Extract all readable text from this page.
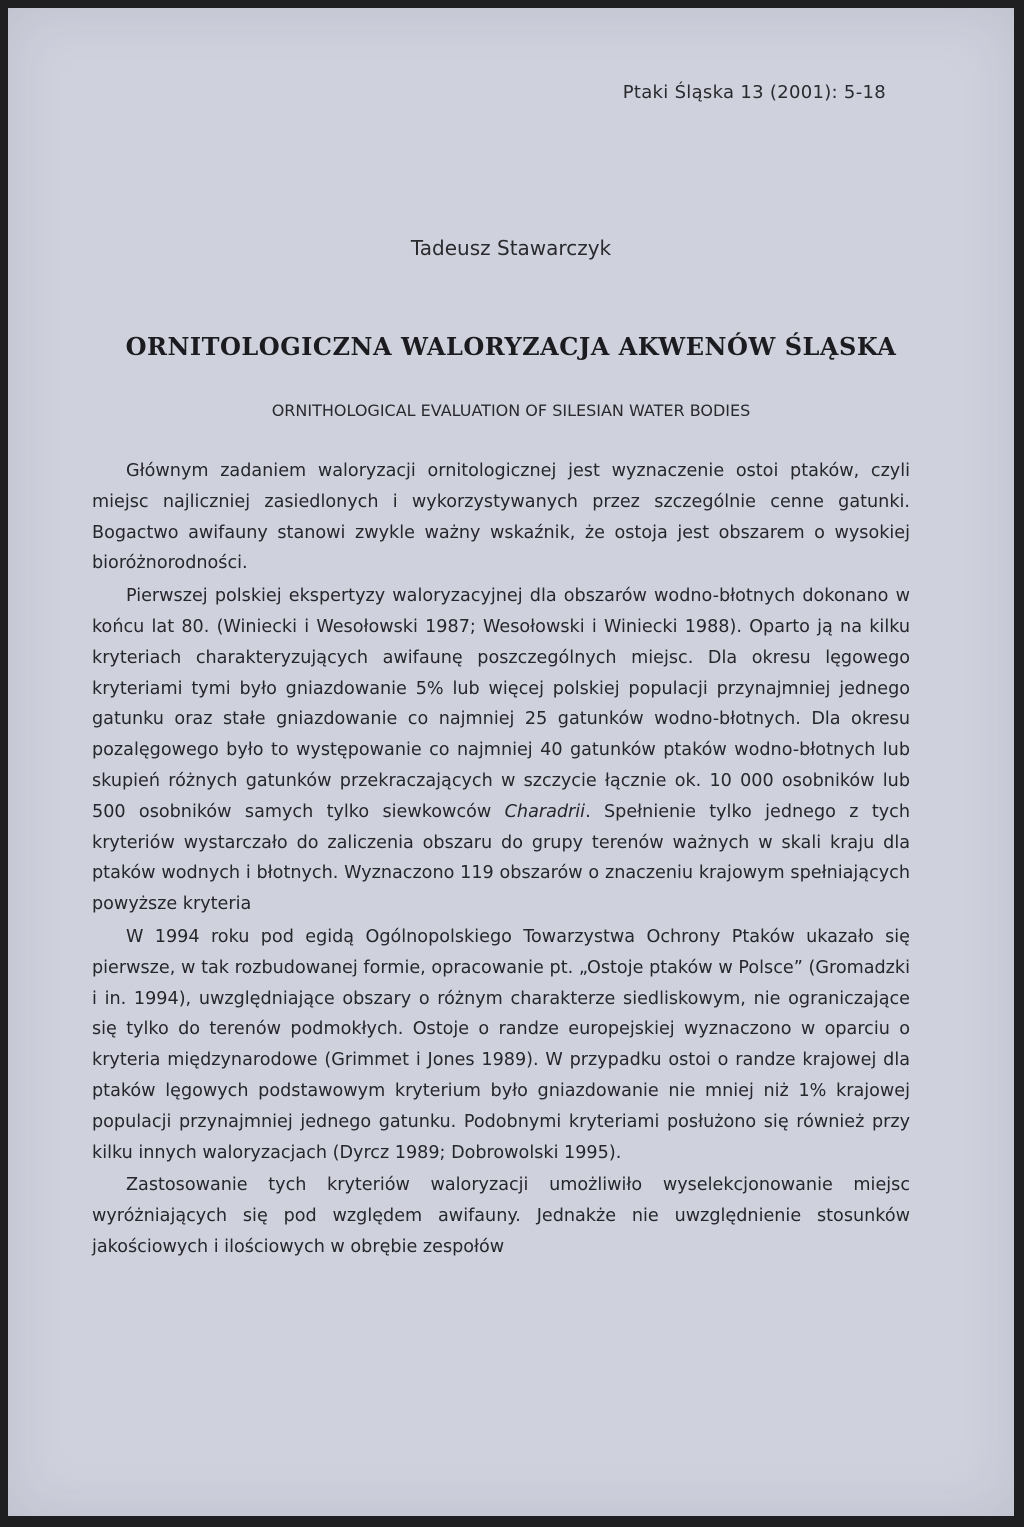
Ptaki Śląska 13 (2001): 5-18
Tadeusz Stawarczyk
ORNITOLOGICZNA WALORYZACJA AKWENÓW ŚLĄSKA
ORNITHOLOGICAL EVALUATION OF SILESIAN WATER BODIES

Głównym zadaniem waloryzacji ornitologicznej jest wyznaczenie ostoi ptaków, czyli miejsc najliczniej zasiedlonych i wykorzystywanych przez szczególnie cenne gatunki. Bogactwo awifauny stanowi zwykle ważny wskaźnik, że ostoja jest obszarem o wysokiej bioróżnorodności.

Pierwszej polskiej ekspertyzy waloryzacyjnej dla obszarów wodno-błotnych dokonano w końcu lat 80. (Winiecki i Wesołowski 1987; Wesołowski i Winiecki 1988). Oparto ją na kilku kryteriach charakteryzujących awifaunę poszczególnych miejsc. Dla okresu lęgowego kryteriami tymi było gniazdowanie 5% lub więcej polskiej populacji przynajmniej jednego gatunku oraz stałe gniazdowanie co najmniej 25 gatunków wodno-błotnych. Dla okresu pozalęgowego było to występowanie co najmniej 40 gatunków ptaków wodno-błotnych lub skupień różnych gatunków przekraczających w szczycie łącznie ok. 10 000 osobników lub 500 osobników samych tylko siewkowców Charadrii. Spełnienie tylko jednego z tych kryteriów wystarczało do zaliczenia obszaru do grupy terenów ważnych w skali kraju dla ptaków wodnych i błotnych. Wyznaczono 119 obszarów o znaczeniu krajowym spełniających powyższe kryteria

W 1994 roku pod egidą Ogólnopolskiego Towarzystwa Ochrony Ptaków ukazało się pierwsze, w tak rozbudowanej formie, opracowanie pt. „Ostoje ptaków w Polsce” (Gromadzki i in. 1994), uwzględniające obszary o różnym charakterze siedliskowym, nie ograniczające się tylko do terenów podmokłych. Ostoje o randze europejskiej wyznaczono w oparciu o kryteria międzynarodowe (Grimmet i Jones 1989). W przypadku ostoi o randze krajowej dla ptaków lęgowych podstawowym kryterium było gniazdowanie nie mniej niż 1% krajowej populacji przynajmniej jednego gatunku. Podobnymi kryteriami posłużono się również przy kilku innych waloryzacjach (Dyrcz 1989; Dobrowolski 1995).

Zastosowanie tych kryteriów waloryzacji umożliwiło wyselekcjonowanie miejsc wyróżniających się pod względem awifauny. Jednakże nie uwzględnienie stosunków jakościowych i ilościowych w obrębie zespołów
